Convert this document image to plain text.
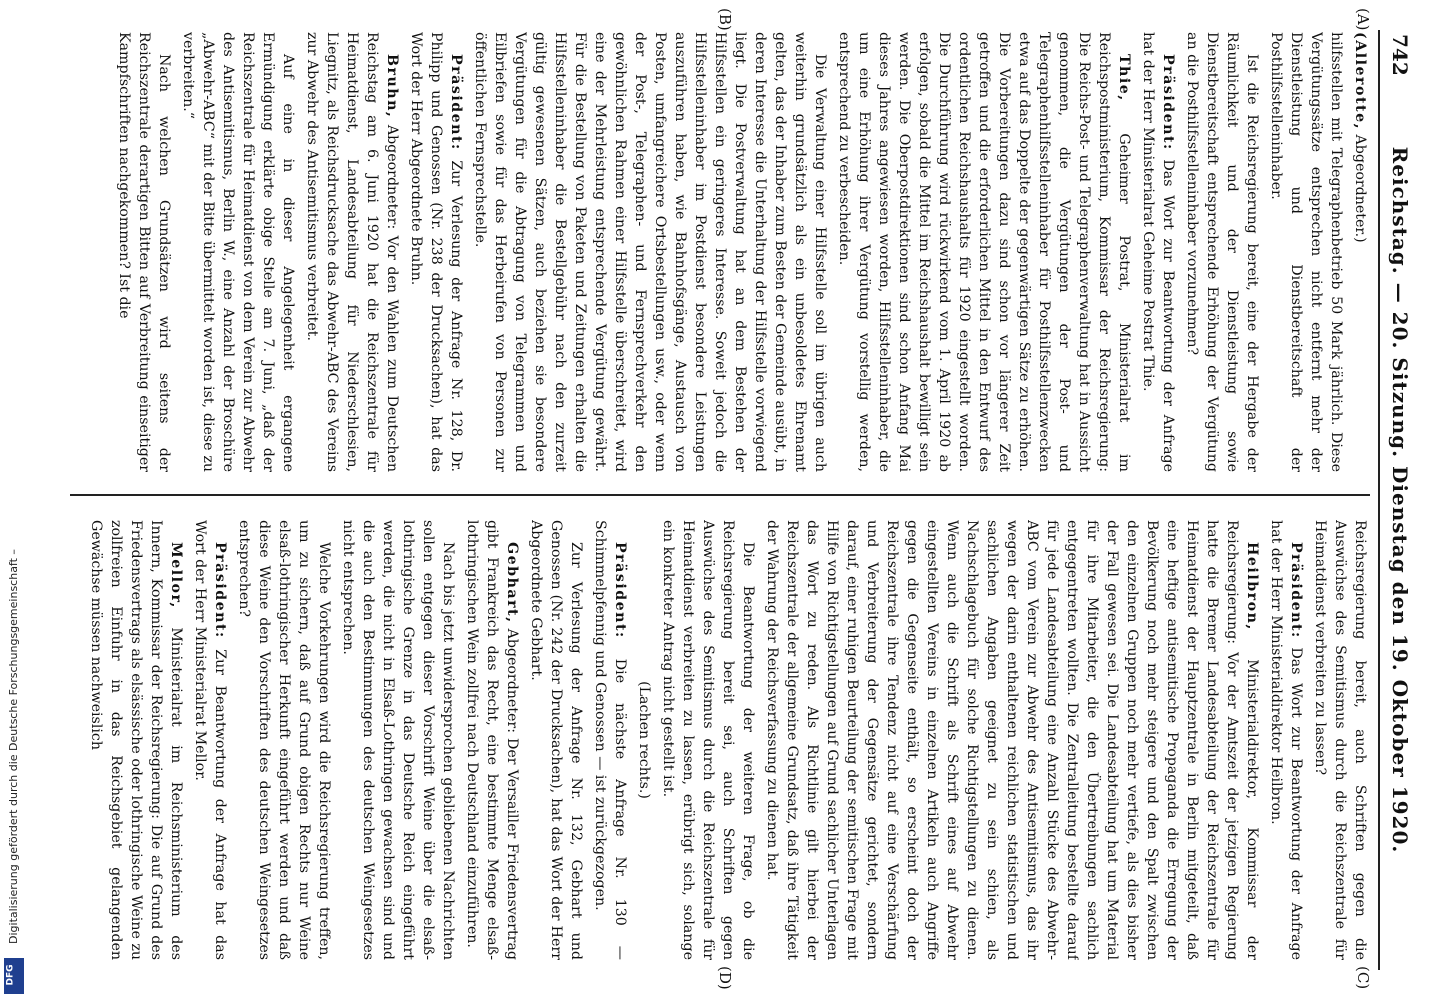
Digitalisierung gefördert durch die Deutsche Forschungsgemeinschaft –
DFG
742
Reichstag. — 20. Sitzung. Dienstag den 19. Oktober 1920.
(A)
(B)
(C)
(D)

(Allerotte, Abgeordneter.)

hilfsstellen mit Telegraphenbetrieb 50 Mark jährlich. Diese Vergütungssätze entsprechen nicht entfernt mehr der Dienstleistung und Dienstbereitschaft der Posthilfsstelleninhaber.

Ist die Reichsregierung bereit, eine der Hergabe der Räumlichkeit und der Dienstleistung sowie Dienstbereitschaft entsprechende Erhöhung der Vergütung an die Posthilfsstelleninhaber vorzunehmen?

Präsident: Das Wort zur Beantwortung der Anfrage hat der Herr Ministerialrat Geheime Postrat Thie.

Thie, Geheimer Postrat, Ministerialrat im Reichspostministerium, Kommissar der Reichsregierung: Die Reichs-Post- und Telegraphenverwaltung hat in Aussicht genommen, die Vergütungen der Post- und Telegraphenhilfsstelleninhaber für Posthilfsstellenzwecken etwa auf das Doppelte der gegenwärtigen Sätze zu erhöhen. Die Vorbereitungen dazu sind schon vor längerer Zeit getroffen und die erforderlichen Mittel in den Entwurf des ordentlichen Reichshaushalts für 1920 eingestellt worden. Die Durchführung wird rückwirkend vom 1. April 1920 ab erfolgen, sobald die Mittel im Reichshaushalt bewilligt sein werden. Die Oberpostdirektionen sind schon Anfang Mai dieses Jahres angewiesen worden, Hilfsstelleninhaber, die um eine Erhöhung ihrer Vergütung vorstellig werden, entsprechend zu verbescheiden.

Die Verwaltung einer Hilfsstelle soll im übrigen auch weiterhin grundsätzlich als ein unbesoldetes Ehrenamt gelten, das der Inhaber zum Besten der Gemeinde ausübt, in deren Interesse die Unterhaltung der Hilfsstelle vorwiegend liegt. Die Postverwaltung hat an dem Bestehen der Hilfsstellen ein geringeres Interesse. Soweit jedoch die Hilfsstelleninhaber im Postdienst besondere Leistungen auszuführen haben, wie Bahnhofsgänge, Austausch von Posten, umfangreichere Ortsbestellungen usw., oder wenn der Post-, Telegraphen- und Fernsprechverkehr den gewöhnlichen Rahmen einer Hilfsstelle überschreitet, wird eine der Mehrleistung entsprechende Vergütung gewährt. Für die Bestellung von Paketen und Zeitungen erhalten die Hilfsstelleninhaber die Bestellgebühr nach den zurzeit gültig gewesenen Sätzen, auch beziehen sie besondere Vergütungen für die Abtragung von Telegrammen und Eilbriefen sowie für das Herbeirufen von Personen zur öffentlichen Fernsprechstelle.

Präsident: Zur Verlesung der Anfrage Nr. 128, Dr. Philipp und Genossen (Nr. 238 der Drucksachen), hat das Wort der Herr Abgeordnete Bruhn.

Bruhn, Abgeordneter: Vor den Wahlen zum Deutschen Reichstag am 6. Juni 1920 hat die Reichszentrale für Heimatdienst, Landesabteilung für Niederschlesien, Liegnitz, als Reichsdrucksache das Abwehr-ABC des Vereins zur Abwehr des Antisemitismus verbreitet.

Auf eine in dieser Angelegenheit ergangene Ermündigung erklärte obige Stelle am 7. Juni, „daß der Reichszentrale für Heimatdienst von dem Verein zur Abwehr des Antisemitismus, Berlin W., eine Anzahl der Broschüre „Abwehr-ABC“ mit der Bitte übermittelt worden ist, diese zu verbreiten.“

Nach welchen Grundsätzen wird seitens der Reichszentrale derartigen Bitten auf Verbreitung einseitiger Kampfschriften nachgekommen? Ist die

Reichsregierung bereit, auch Schriften gegen die Auswüchse des Semitismus durch die Reichszentrale für Heimatdienst verbreiten zu lassen?

Präsident: Das Wort zur Beantwortung der Anfrage hat der Herr Ministerialdirektor Heilbron.

Heilbron, Ministerialdirektor, Kommissar der Reichsregierung: Vor der Amtszeit der jetzigen Regierung hatte die Bremer Landesabteilung der Reichszentrale für Heimatdienst der Hauptzentrale in Berlin mitgeteilt, daß eine heftige antisemitische Propaganda die Erregung der Bevölkerung noch mehr steigere und den Spalt zwischen den einzelnen Gruppen noch mehr vertiefe, als dies bisher der Fall gewesen sei. Die Landesabteilung hat um Material für ihre Mitarbeiter, die den Übertreibungen sachlich entgegentreten wollten. Die Zentralleitung bestellte darauf für jede Landesabteilung eine Anzahl Stücke des Abwehr-ABC vom Verein zur Abwehr des Antisemitismus, das ihr wegen der darin enthaltenen reichlichen statistischen und sachlichen Angaben geeignet zu sein schien, als Nachschlagebuch für solche Richtigstellungen zu dienen. Wenn auch die Schrift als Schrift eines auf Abwehr eingestellten Vereins in einzelnen Artikeln auch Angriffe gegen die Gegenseite enthält, so erscheint doch der Reichszentrale ihre Tendenz nicht auf eine Verschärfung und Verbreiterung der Gegensätze gerichtet, sondern darauf, einer ruhigen Beurteilung der semitischen Frage mit Hilfe von Richtigstellungen auf Grund sachlicher Unterlagen das Wort zu reden. Als Richtlinie gilt hierbei der Reichszentrale der allgemeine Grundsatz, daß ihre Tätigkeit der Wahrung der Reichsverfassung zu dienen hat.

Die Beantwortung der weiteren Frage, ob die Reichsregierung bereit sei, auch Schriften gegen Auswüchse des Semitismus durch die Reichszentrale für Heimatdienst verbreiten zu lassen, erübrigt sich, solange ein konkreter Antrag nicht gestellt ist.

(Lachen rechts.)

Präsident: Die nächste Anfrage Nr. 130 — Schimmelpfennig und Genossen — ist zurückgezogen.

Zur Verlesung der Anfrage Nr. 132, Gebhart und Genossen (Nr. 242 der Drucksachen), hat das Wort der Herr Abgeordnete Gebhart.

Gebhart, Abgeordneter: Der Versailler Friedensvertrag gibt Frankreich das Recht, eine bestimmte Menge elsaß-lothringischen Wein zollfrei nach Deutschland einzuführen.

Nach bis jetzt unwidersprochen gebliebenen Nachrichten sollen entgegen dieser Vorschrift Weine über die elsaß-lothringische Grenze in das Deutsche Reich eingeführt werden, die nicht in Elsaß-Lothringen gewachsen sind und die auch den Bestimmungen des deutschen Weingesetzes nicht entsprechen.

Welche Vorkehrungen wird die Reichsregierung treffen, um zu sichern, daß auf Grund obigen Rechts nur Weine elsaß-lothringischer Herkunft eingeführt werden und daß diese Weine den Vorschriften des deutschen Weingesetzes entsprechen?

Präsident: Zur Beantwortung der Anfrage hat das Wort der Herr Ministerialrat Mellor.

Mellor, Ministerialrat im Reichsministerium des Innern, Kommissar der Reichsregierung: Die auf Grund des Friedensvertrags als elsässische oder lothringische Weine zu zollfreien Einfuhr in das Reichsgebiet gelangenden Gewächse müssen nachweislich
